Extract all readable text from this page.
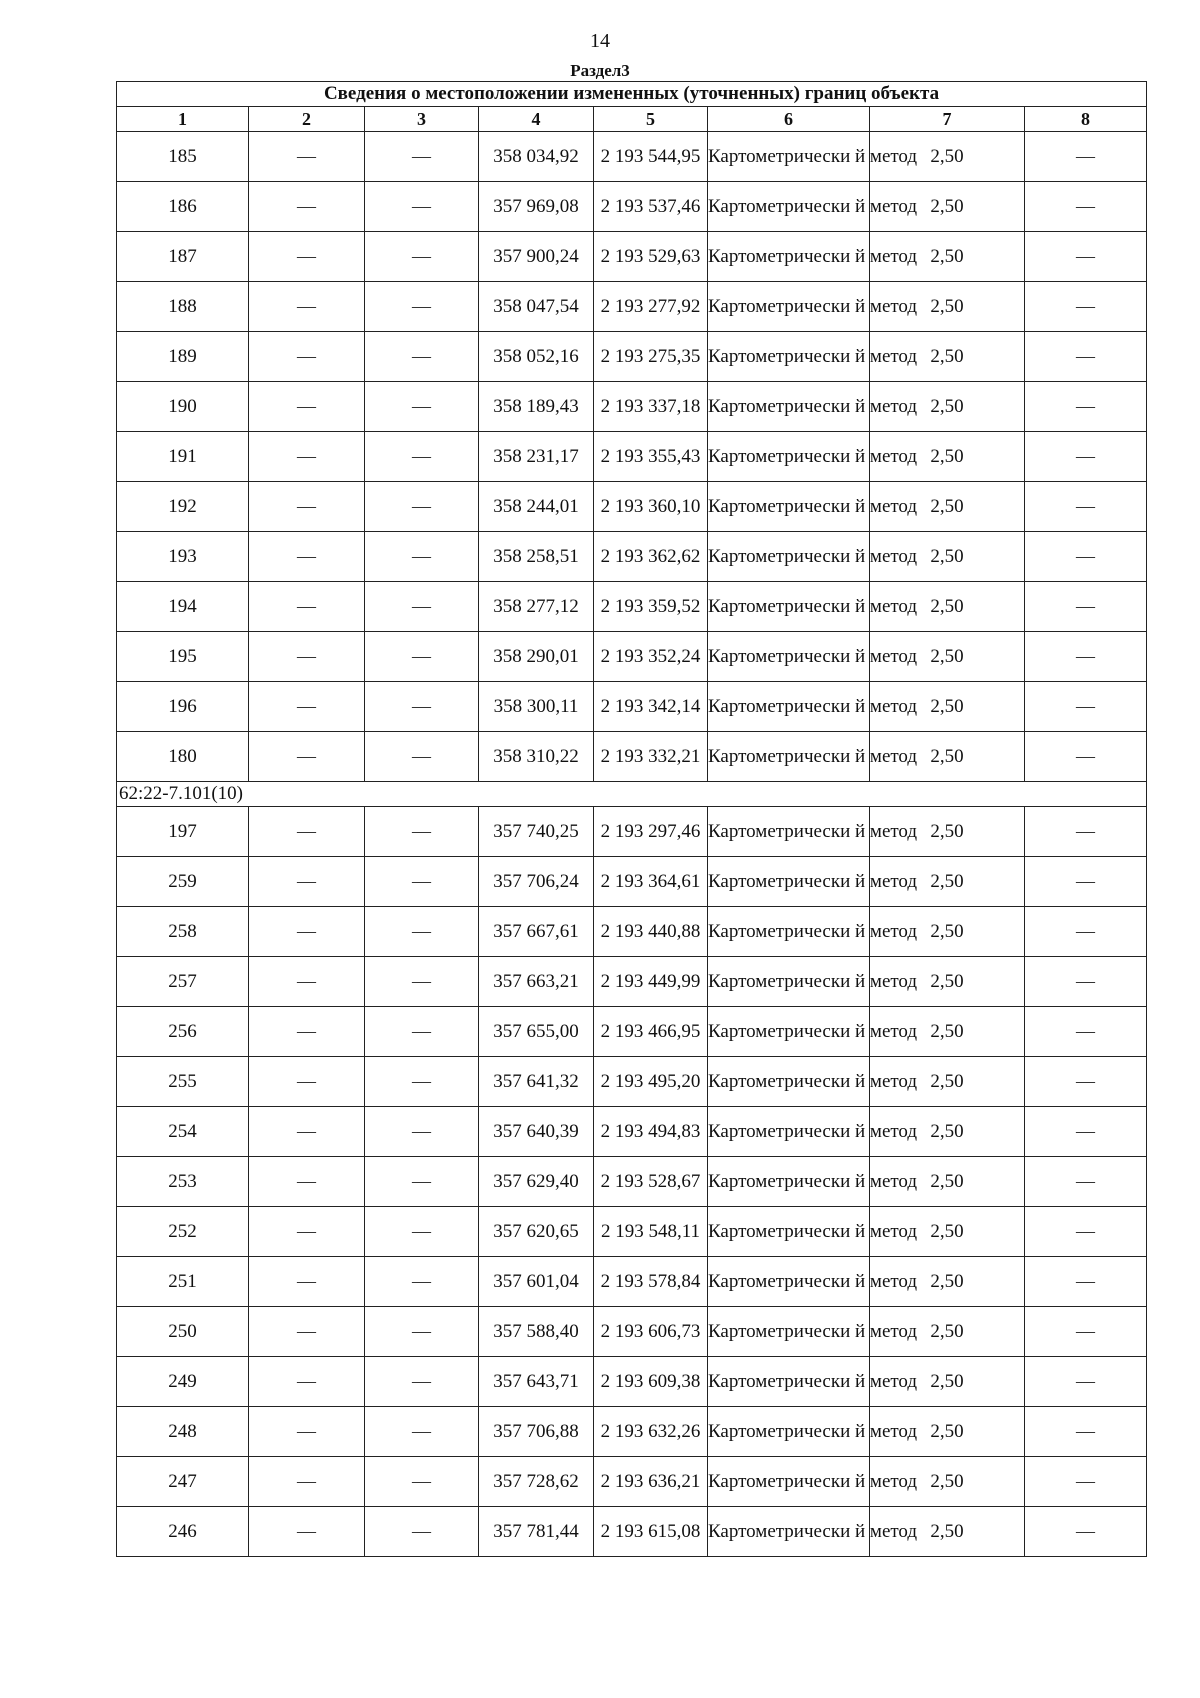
14
Раздел3
Сведения о местоположении измененных (уточненных) границ объекта							
1	2	3	4	5	6	7	8
185	—	—	358 034,92	2 193 544,95	Картометрически й метод	2,50	—
186	—	—	357 969,08	2 193 537,46	Картометрически й метод	2,50	—
187	—	—	357 900,24	2 193 529,63	Картометрически й метод	2,50	—
188	—	—	358 047,54	2 193 277,92	Картометрически й метод	2,50	—
189	—	—	358 052,16	2 193 275,35	Картометрически й метод	2,50	—
190	—	—	358 189,43	2 193 337,18	Картометрически й метод	2,50	—
191	—	—	358 231,17	2 193 355,43	Картометрически й метод	2,50	—
192	—	—	358 244,01	2 193 360,10	Картометрически й метод	2,50	—
193	—	—	358 258,51	2 193 362,62	Картометрически й метод	2,50	—
194	—	—	358 277,12	2 193 359,52	Картометрически й метод	2,50	—
195	—	—	358 290,01	2 193 352,24	Картометрически й метод	2,50	—
196	—	—	358 300,11	2 193 342,14	Картометрически й метод	2,50	—
180	—	—	358 310,22	2 193 332,21	Картометрически й метод	2,50	—
62:22-7.101(10)							
197	—	—	357 740,25	2 193 297,46	Картометрически й метод	2,50	—
259	—	—	357 706,24	2 193 364,61	Картометрически й метод	2,50	—
258	—	—	357 667,61	2 193 440,88	Картометрически й метод	2,50	—
257	—	—	357 663,21	2 193 449,99	Картометрически й метод	2,50	—
256	—	—	357 655,00	2 193 466,95	Картометрически й метод	2,50	—
255	—	—	357 641,32	2 193 495,20	Картометрически й метод	2,50	—
254	—	—	357 640,39	2 193 494,83	Картометрически й метод	2,50	—
253	—	—	357 629,40	2 193 528,67	Картометрически й метод	2,50	—
252	—	—	357 620,65	2 193 548,11	Картометрически й метод	2,50	—
251	—	—	357 601,04	2 193 578,84	Картометрически й метод	2,50	—
250	—	—	357 588,40	2 193 606,73	Картометрически й метод	2,50	—
249	—	—	357 643,71	2 193 609,38	Картометрически й метод	2,50	—
248	—	—	357 706,88	2 193 632,26	Картометрически й метод	2,50	—
247	—	—	357 728,62	2 193 636,21	Картометрически й метод	2,50	—
246	—	—	357 781,44	2 193 615,08	Картометрически й метод	2,50	—
